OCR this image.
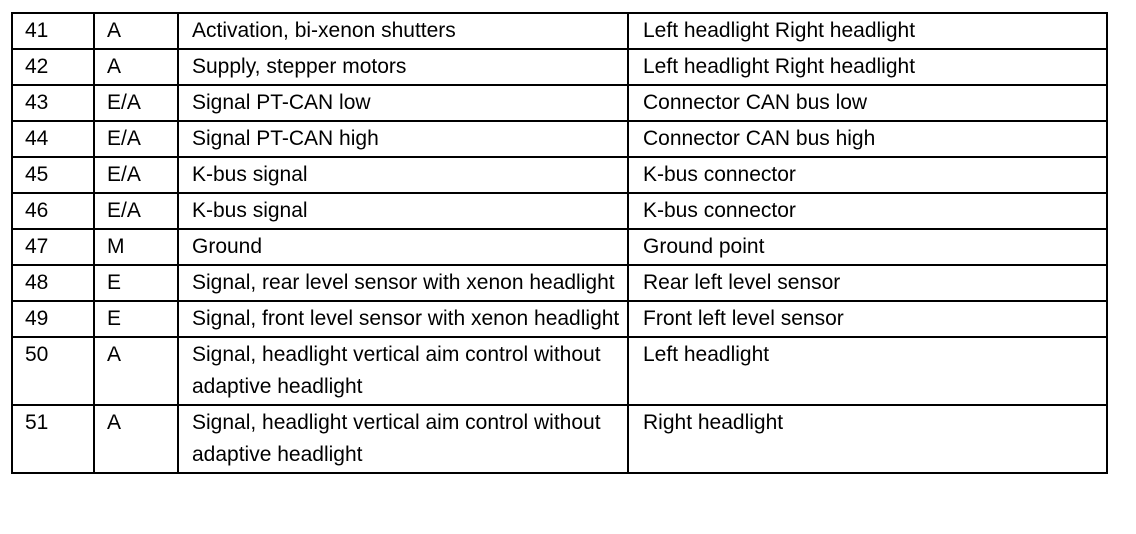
41	A	Activation, bi-xenon shutters	Left headlight Right headlight
42	A	Supply, stepper motors	Left headlight Right headlight
43	E/A	Signal PT-CAN low	Connector CAN bus low
44	E/A	Signal PT-CAN high	Connector CAN bus high
45	E/A	K-bus signal	K-bus connector
46	E/A	K-bus signal	K-bus connector
47	M	Ground	Ground point
48	E	Signal, rear level sensor with xenon headlight	Rear left level sensor
49	E	Signal, front level sensor with xenon headlight	Front left level sensor
50	A	Signal, headlight vertical aim control without adaptive headlight	Left headlight
51	A	Signal, headlight vertical aim control without adaptive headlight	Right headlight
